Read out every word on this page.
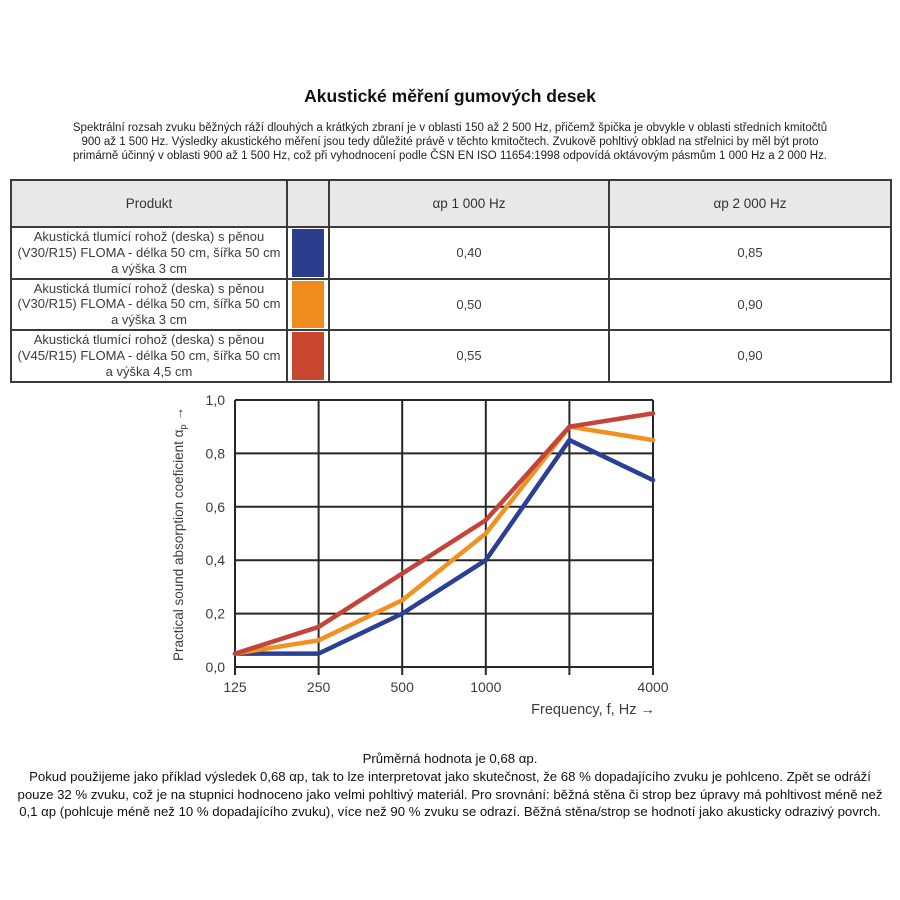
Akustické měření gumových desek
Spektrální rozsah zvuku běžných ráží dlouhých a krátkých zbraní je v oblasti 150 až 2 500 Hz, přičemž špička je obvykle v oblasti středních kmitočtů 900 až 1 500 Hz. Výsledky akustického měření jsou tedy důležité právě v těchto kmitočtech. Zvukově pohltivý obklad na střelnici by měl být proto primárně účinný v oblasti 900 až 1 500 Hz, což při vyhodnocení podle ČSN EN ISO 11654:1998 odpovídá oktávovým pásmům 1 000 Hz a 2 000 Hz.
Produkt		αp 1 000 Hz	αp 2 000 Hz
Akustická tlumící rohož (deska) s pěnou (V30/R15) FLOMA - délka 50 cm, šířka 50 cm a výška 3 cm		0,40	0,85
Akustická tlumící rohož (deska) s pěnou (V30/R15) FLOMA - délka 50 cm, šířka 50 cm a výška 3 cm		0,50	0,90
Akustická tlumící rohož (deska) s pěnou (V45/R15) FLOMA - délka 50 cm, šířka 50 cm a výška 4,5 cm		0,55	0,90
0,0
0,2
0,4
0,6
0,8
1,0
125	250	500	1000	4000
Frequency, f, Hz →
Practical sound absorption coeficient $\alpha_p$ →
Průměrná hodnota je 0,68 αp.
Pokud použijeme jako příklad výsledek 0,68 αp, tak to lze interpretovat jako skutečnost, že 68 % dopadajícího zvuku je pohlceno. Zpět se odráží pouze 32 % zvuku, což je na stupnici hodnoceno jako velmi pohltivý materiál. Pro srovnání: běžná stěna či strop bez úpravy má pohltivost méně než 0,1 αp (pohlcuje méně než 10 % dopadajícího zvuku), více než 90 % zvuku se odrazí. Běžná stěna/strop se hodnotí jako akusticky odrazivý povrch.
